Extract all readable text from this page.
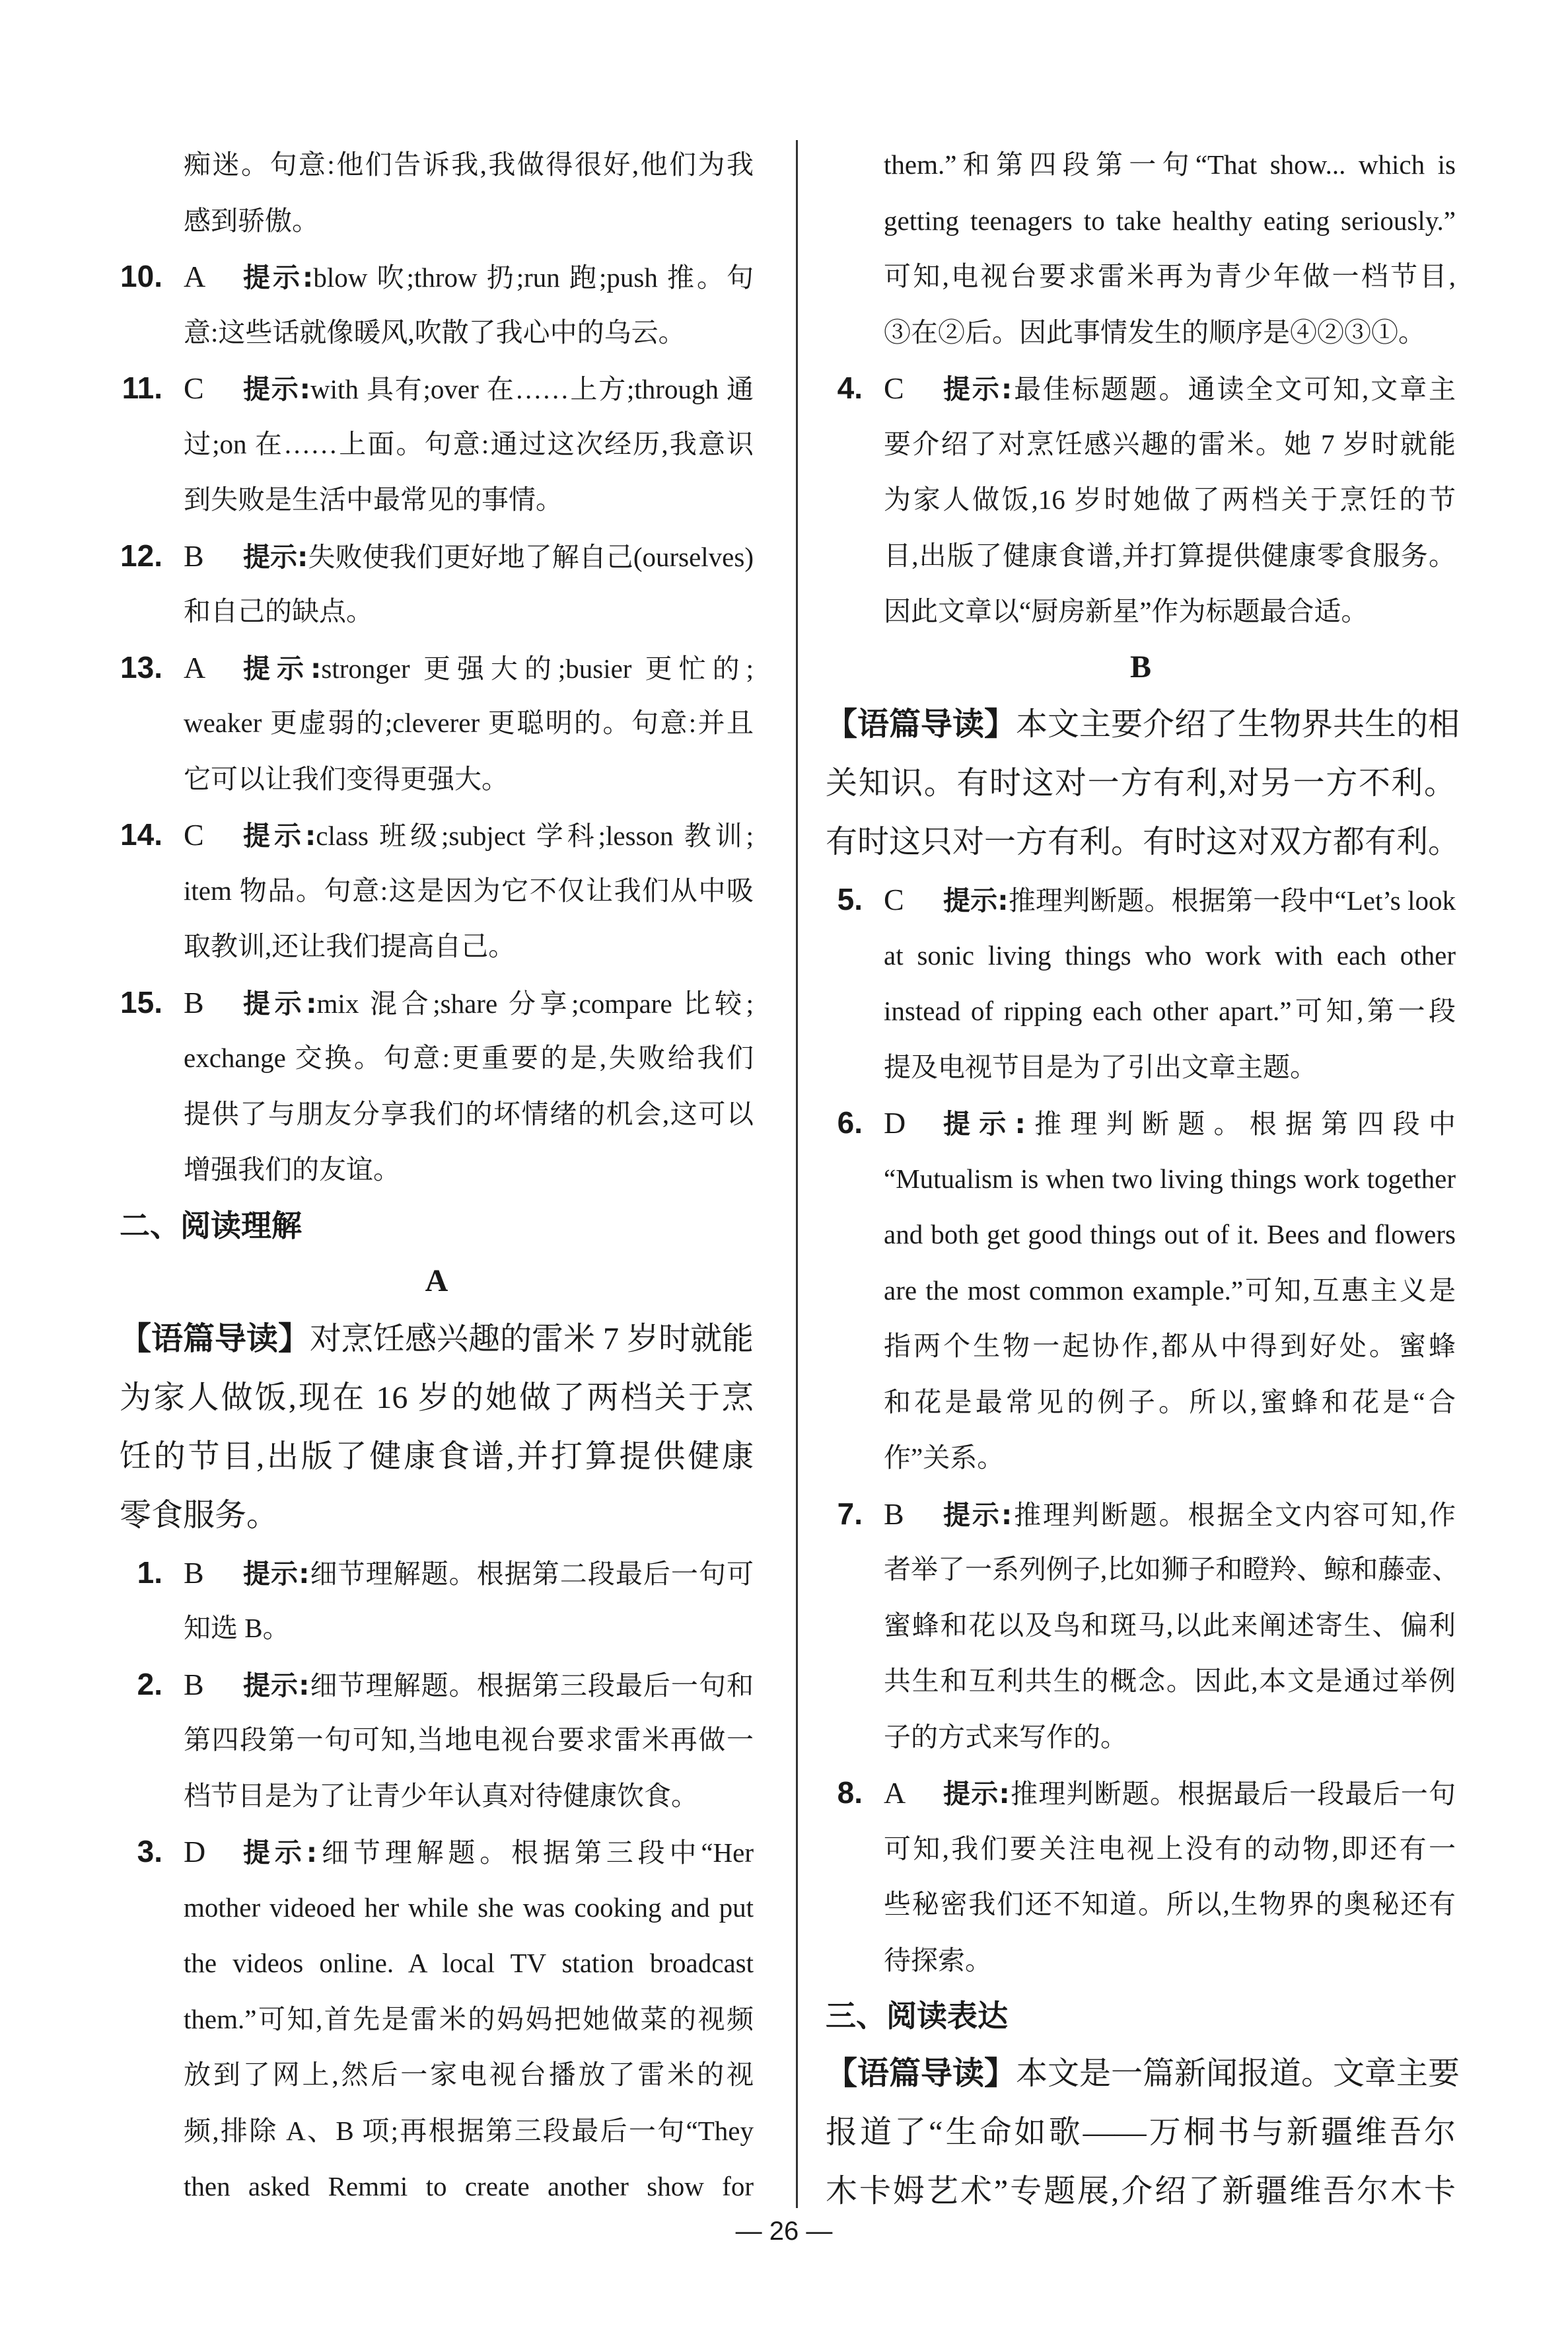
痴迷。句意:他们告诉我,我做得很好,他们为我
感到骄傲。
10. A	提示:blow 吹;throw 扔;run 跑;push 推。句
意:这些话就像暖风,吹散了我心中的乌云。
11. C	提示:with 具有;over 在……上方;through 通
过;on 在……上面。句意:通过这次经历,我意识
到失败是生活中最常见的事情。
12. B	提示:失败使我们更好地了解自己(ourselves)
和自己的缺点。
13. A	提示:stronger 更强大的;busier 更忙的;
weaker 更虚弱的;cleverer 更聪明的。句意:并且
它可以让我们变得更强大。
14. C	提示:class 班级;subject 学科;lesson 教训;
item 物品。句意:这是因为它不仅让我们从中吸
取教训,还让我们提高自己。
15. B	提示:mix 混合;share 分享;compare 比较;
exchange 交换。句意:更重要的是,失败给我们
提供了与朋友分享我们的坏情绪的机会,这可以
增强我们的友谊。
二、阅读理解
A
【语篇导读】对烹饪感兴趣的雷米 7 岁时就能
为家人做饭,现在 16 岁的她做了两档关于烹
饪的节目,出版了健康食谱,并打算提供健康
零食服务。
1. B	提示:细节理解题。根据第二段最后一句可
知选 B。
2. B	提示:细节理解题。根据第三段最后一句和
第四段第一句可知,当地电视台要求雷米再做一
档节目是为了让青少年认真对待健康饮食。
3. D	提示:细节理解题。根据第三段中“Her
mother videoed her while she was cooking and put
the videos online. A local TV station broadcast
them.”可知,首先是雷米的妈妈把她做菜的视频
放到了网上,然后一家电视台播放了雷米的视
频,排除 A、B 项;再根据第三段最后一句“They
then asked Remmi to create another show for
them.”和第四段第一句“That show... which is
getting teenagers to take healthy eating seriously.”
可知,电视台要求雷米再为青少年做一档节目,
③在②后。因此事情发生的顺序是④②③①。
4. C	提示:最佳标题题。通读全文可知,文章主
要介绍了对烹饪感兴趣的雷米。她 7 岁时就能
为家人做饭,16 岁时她做了两档关于烹饪的节
目,出版了健康食谱,并打算提供健康零食服务。
因此文章以“厨房新星”作为标题最合适。
B
【语篇导读】本文主要介绍了生物界共生的相
关知识。有时这对一方有利,对另一方不利。
有时这只对一方有利。有时这对双方都有利。
5. C	提示:推理判断题。根据第一段中“Let’s look
at sonic living things who work with each other
instead of ripping each other apart.”可知,第一段
提及电视节目是为了引出文章主题。
6. D	提示:推理判断题。根据第四段中
“Mutualism is when two living things work together
and both get good things out of it. Bees and flowers
are the most common example.”可知,互惠主义是
指两个生物一起协作,都从中得到好处。蜜蜂
和花是最常见的例子。所以,蜜蜂和花是“合
作”关系。
7. B	提示:推理判断题。根据全文内容可知,作
者举了一系列例子,比如狮子和瞪羚、鲸和藤壶、
蜜蜂和花以及鸟和斑马,以此来阐述寄生、偏利
共生和互利共生的概念。因此,本文是通过举例
子的方式来写作的。
8. A	提示:推理判断题。根据最后一段最后一句
可知,我们要关注电视上没有的动物,即还有一
些秘密我们还不知道。所以,生物界的奥秘还有
待探索。
三、阅读表达
【语篇导读】本文是一篇新闻报道。文章主要
报道了“生命如歌——万桐书与新疆维吾尔
木卡姆艺术”专题展,介绍了新疆维吾尔木卡
— 26 —
